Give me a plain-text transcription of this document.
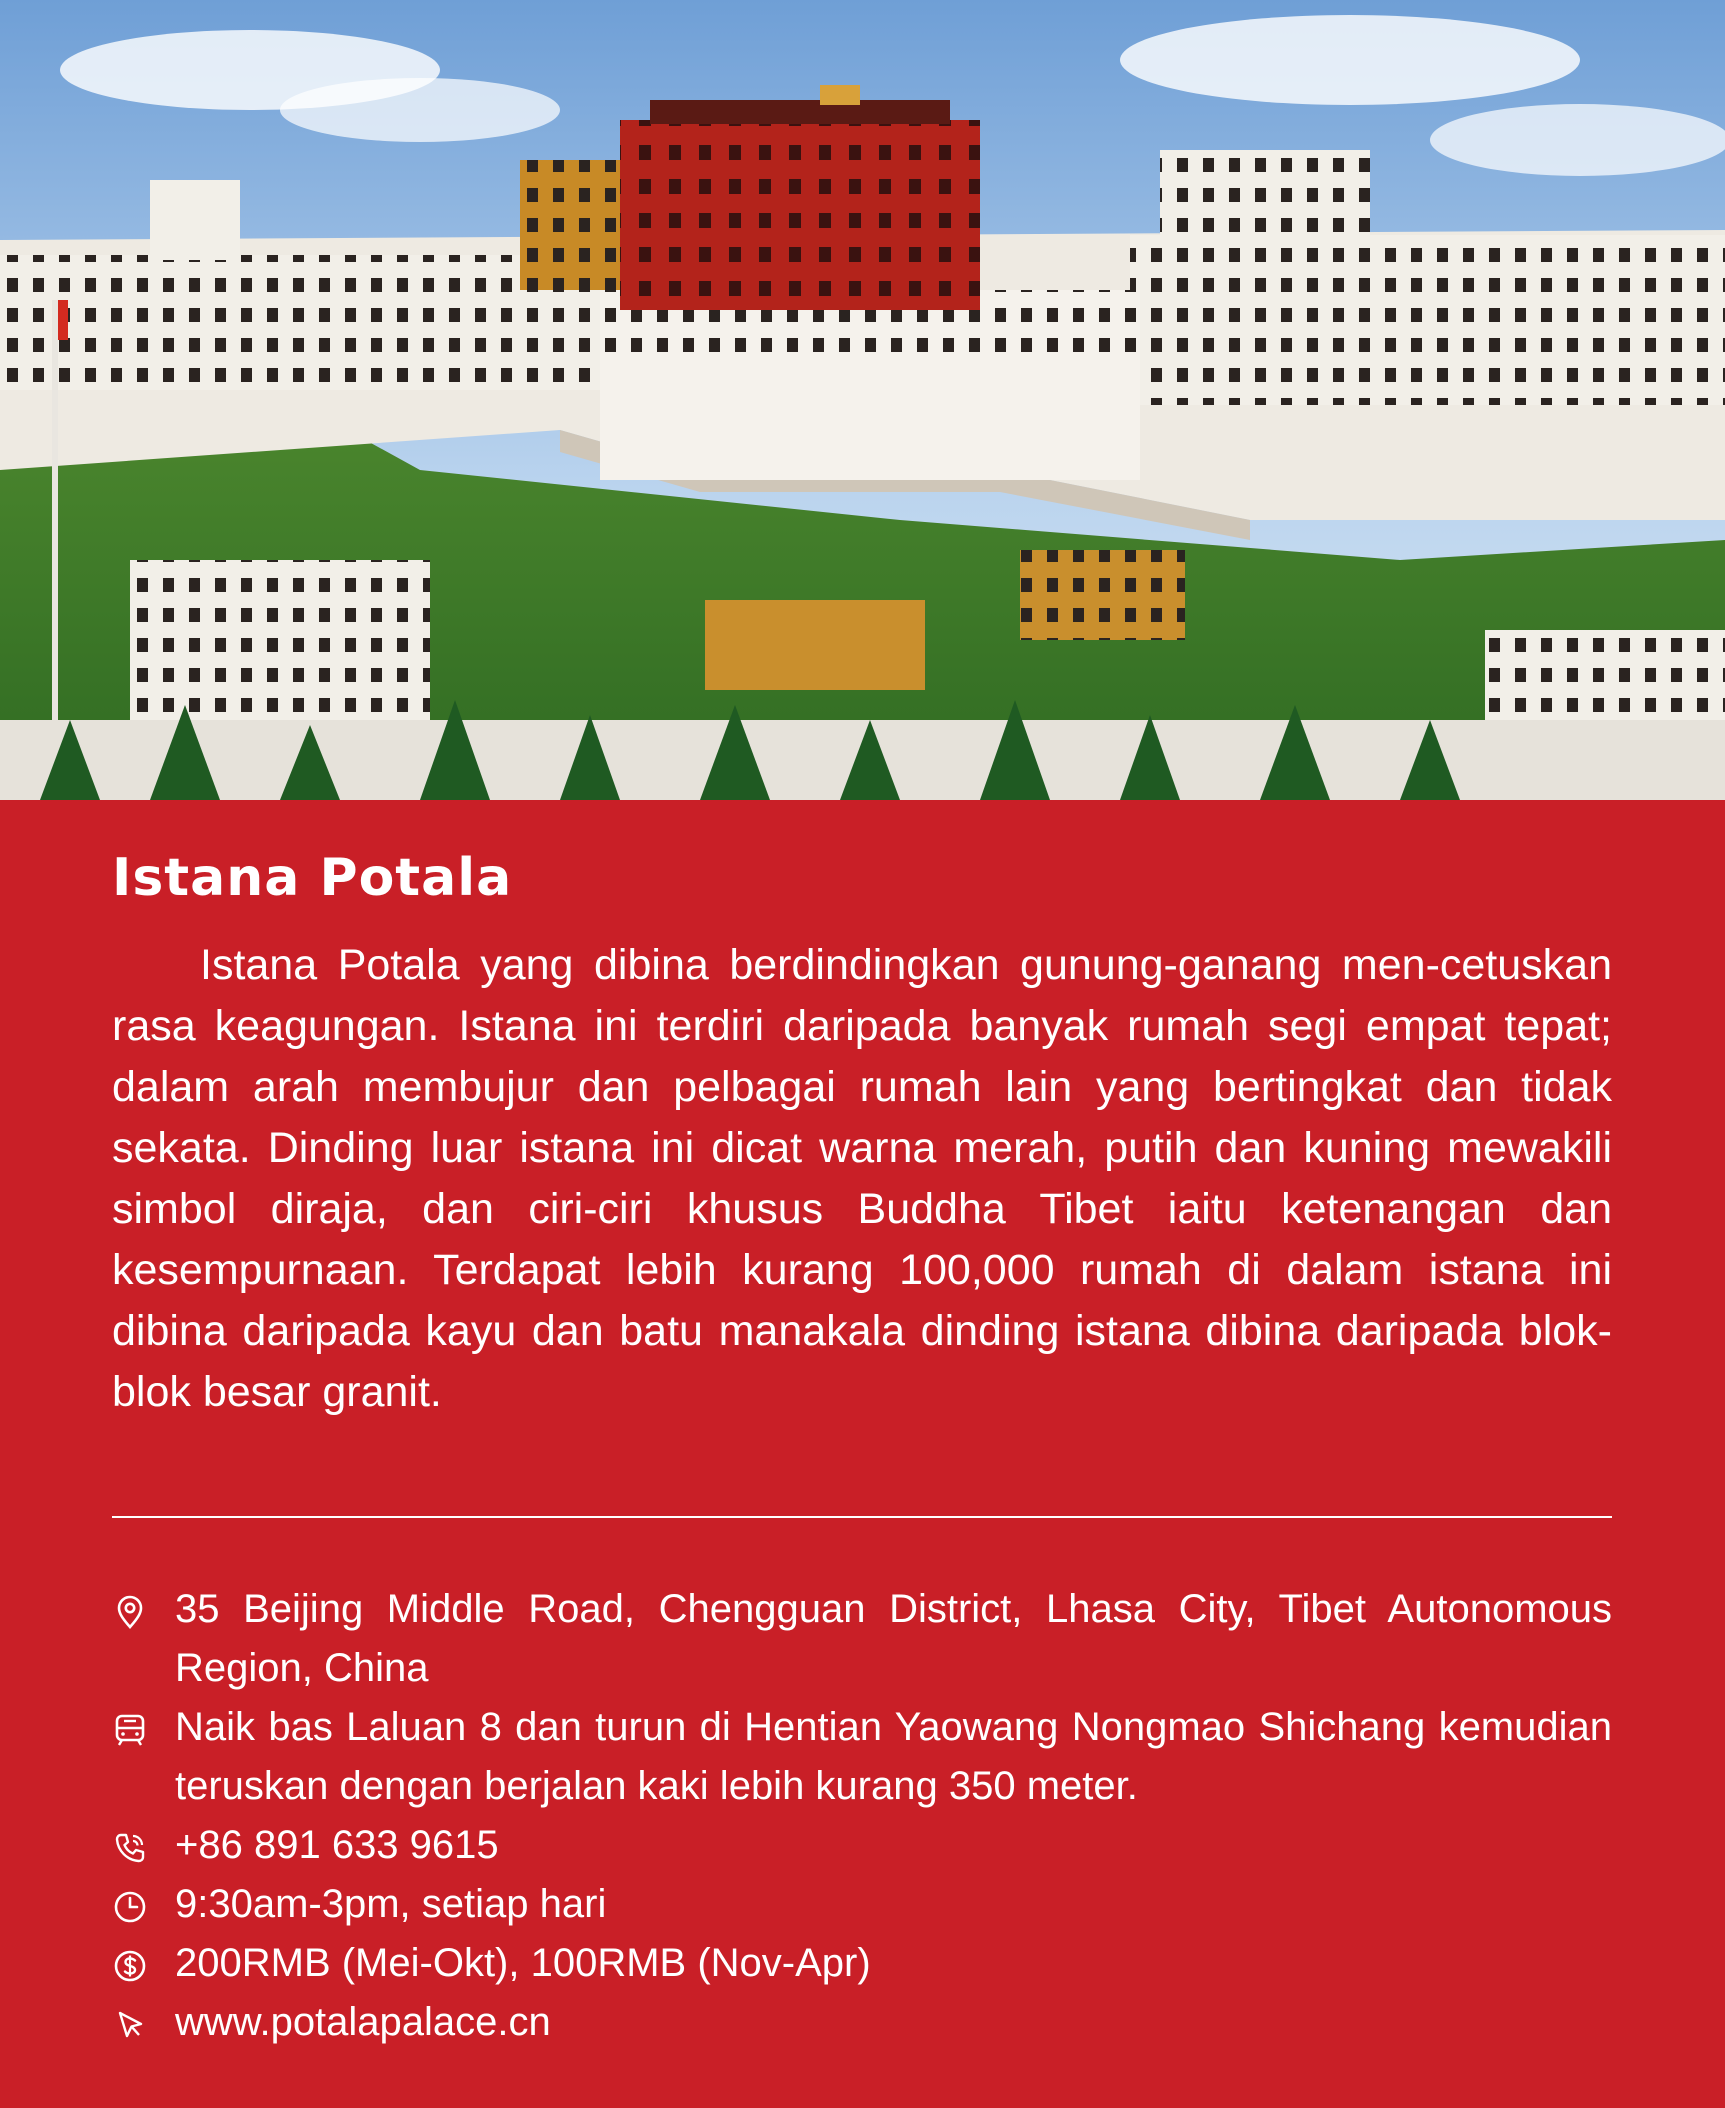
Istana Potala

Istana Potala yang dibina berdindingkan gunung-ganang men-cetuskan rasa keagungan. Istana ini terdiri daripada banyak rumah segi empat tepat; dalam arah membujur dan pelbagai rumah lain yang bertingkat dan tidak sekata. Dinding luar istana ini dicat warna merah, putih dan kuning mewakili simbol diraja, dan ciri-ciri khusus Buddha Tibet iaitu ketenangan dan kesempurnaan. Terdapat lebih kurang 100,000 rumah di dalam istana ini dibina daripada kayu dan batu manakala dinding istana dibina daripada blok-blok besar granit.

35 Beijing Middle Road, Chengguan District, Lhasa City, Tibet Autonomous Region, China
Naik bas Laluan 8 dan turun di Hentian Yaowang Nongmao Shichang kemudian teruskan dengan berjalan kaki lebih kurang 350 meter.
+86 891 633 9615
9:30am-3pm, setiap hari
200RMB (Mei-Okt), 100RMB (Nov-Apr)
www.potalapalace.cn
